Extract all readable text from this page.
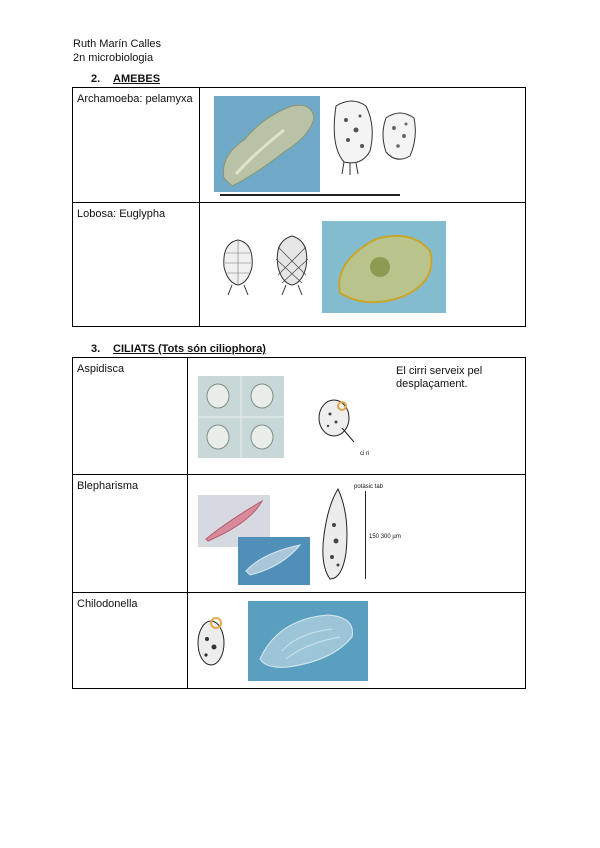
Ruth Marín Calles
2n microbiologia
2. AMEBES
Archamoeba: pelamyxa

Lobosa: Euglypha

3. CILIATS (Tots són ciliophora)
Aspidisca	ci ri
El cirri serveix pel desplaçament.

Blepharisma	potàsic tab
150 300 µm

Chilodonella
